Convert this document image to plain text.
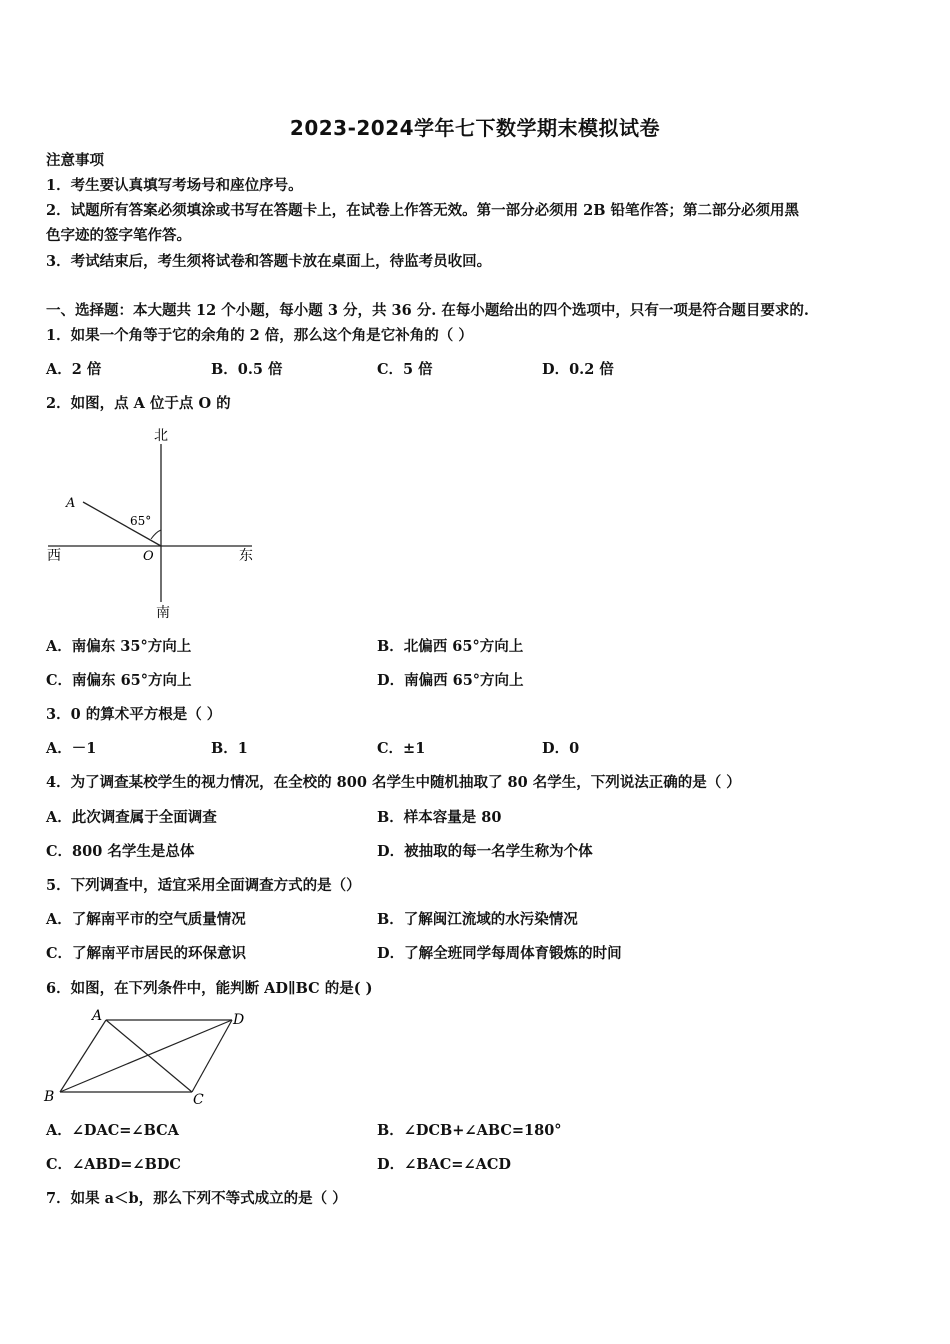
2023-2024学年七下数学期末模拟试卷
注意事项
1．考生要认真填写考场号和座位序号。
2．试题所有答案必须填涂或书写在答题卡上，在试卷上作答无效。第一部分必须用 2B 铅笔作答；第二部分必须用黑
色字迹的签字笔作答。
3．考试结束后，考生须将试卷和答题卡放在桌面上，待监考员收回。
一、选择题：本大题共 12 个小题，每小题 3 分，共 36 分. 在每小题给出的四个选项中，只有一项是符合题目要求的.
1．如果一个角等于它的余角的 2 倍，那么这个角是它补角的（ ）
A．2 倍	B．0.5 倍	C．5 倍	D．0.2 倍
2．如图，点 A 位于点 O 的
北
南
西	东
A
O
65°
A．南偏东 35°方向上	B．北偏西 65°方向上
C．南偏东 65°方向上	D．南偏西 65°方向上
3．0 的算术平方根是（ ）
A．－1	B．1	C．±1	D．0
4．为了调查某校学生的视力情况，在全校的 800 名学生中随机抽取了 80 名学生，下列说法正确的是（ ）
A．此次调查属于全面调查	B．样本容量是 80
C．800 名学生是总体	D．被抽取的每一名学生称为个体
5．下列调查中，适宜采用全面调查方式的是（）
A．了解南平市的空气质量情况	B．了解闽江流域的水污染情况
C．了解南平市居民的环保意识	D．了解全班同学每周体育锻炼的时间
6．如图，在下列条件中，能判断 AD∥BC 的是( )
A	D
B	C
A．∠DAC=∠BCA	B．∠DCB+∠ABC=180°
C．∠ABD=∠BDC	D．∠BAC=∠ACD
7．如果 a＜b，那么下列不等式成立的是（ ）
